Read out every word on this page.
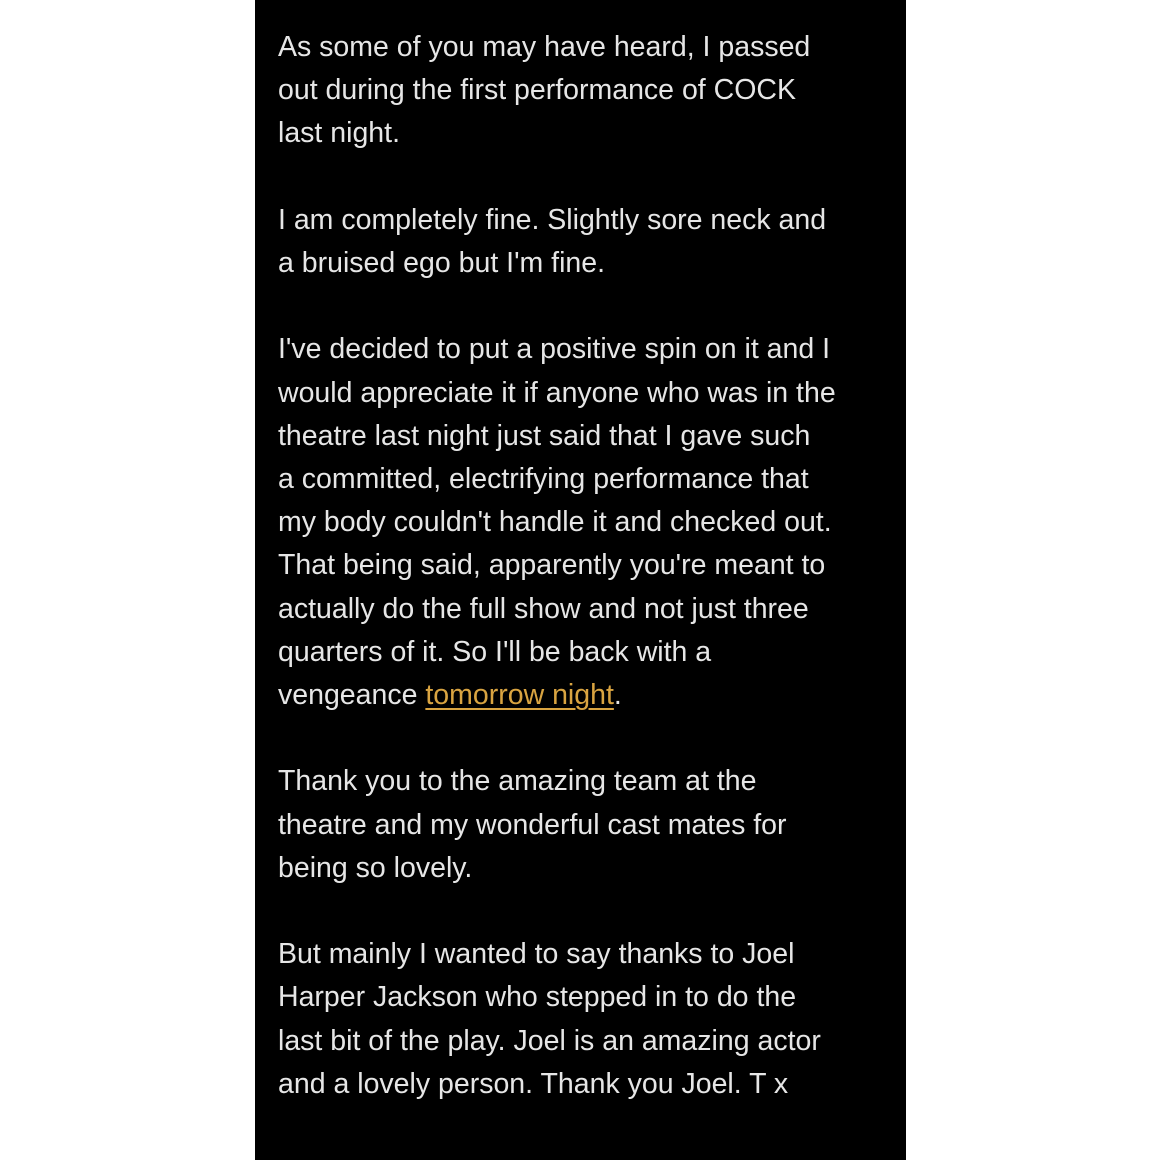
As some of you may have heard, I passed
out during the first performance of COCK
last night.
I am completely fine. Slightly sore neck and
a bruised ego but I'm fine.
I've decided to put a positive spin on it and I
would appreciate it if anyone who was in the
theatre last night just said that I gave such
a committed, electrifying performance that
my body couldn't handle it and checked out.
That being said, apparently you're meant to
actually do the full show and not just three
quarters of it. So I'll be back with a
vengeance tomorrow night.
Thank you to the amazing team at the
theatre and my wonderful cast mates for
being so lovely.
But mainly I wanted to say thanks to Joel
Harper Jackson who stepped in to do the
last bit of the play. Joel is an amazing actor
and a lovely person. Thank you Joel. T x
